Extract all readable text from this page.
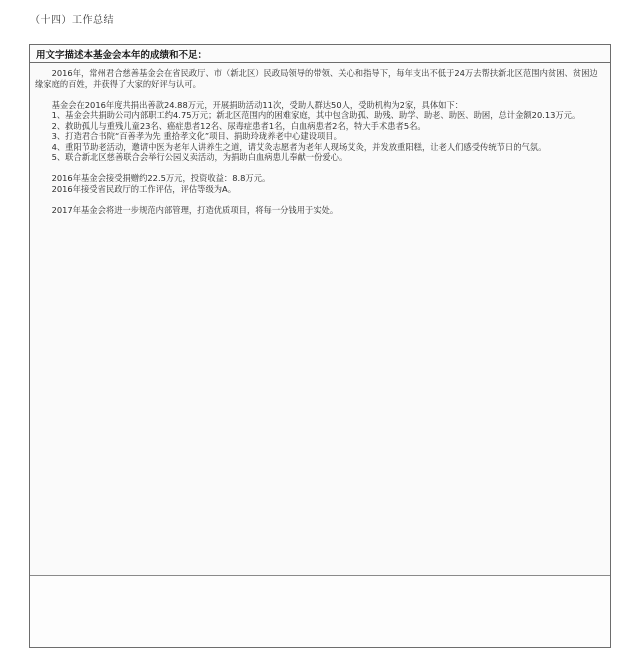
（十四）工作总结
用文字描述本基金会本年的成绩和不足：

2016年，常州君合慈善基金会在省民政厅、市（新北区）民政局领导的带领、关心和指导下，每年支出不低于24万去帮扶新北区范围内贫困、贫困边缘家庭的百姓，并获得了大家的好评与认可。

基金会在2016年度共捐出善款24.88万元，开展捐助活动11次，受助人群达50人，受助机构为2家，具体如下：

1、基金会共捐助公司内部职工约4.75万元；新北区范围内的困难家庭，其中包含助孤、助残、助学、助老、助医、助困，总计金额20.13万元。

2、救助孤儿与重残儿童23名、癌症患者12名、尿毒症患者1名，白血病患者2名，特大手术患者5名。

3、打造君合书院“百善孝为先 重拾孝文化”项目、捐助玲珑养老中心建设项目。

4、重阳节助老活动，邀请中医为老年人讲养生之道，请艾灸志愿者为老年人现场艾灸，并发放重阳糕，让老人们感受传统节日的气氛。

5、联合新北区慈善联合会举行公园义卖活动，为捐助白血病患儿奉献一份爱心。

2016年基金会接受捐赠约22.5万元，投资收益：8.8万元。

2016年接受省民政厅的工作评估，评估等级为A。

2017年基金会将进一步规范内部管理，打造优质项目，将每一分钱用于实处。
